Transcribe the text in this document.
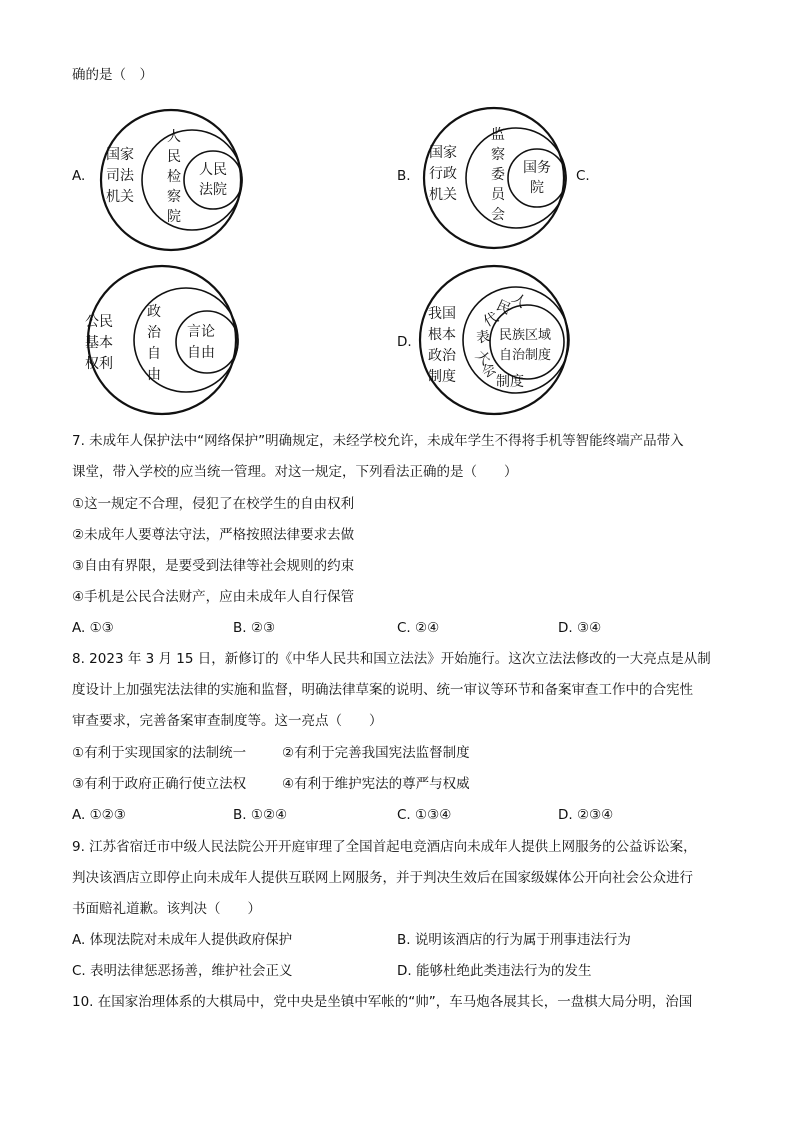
确的是（　）
A.
国家
司法
机关
人
民
检
察
院
人民
法院
B.
国家
行政
机关
监
察
委
员
会
国务
院
C.
公民
基本
权利
政
治
自
由
言论
自由
D.
我国
根本
政治
制度
人
民
代
表
大
会
制度
民族区域
自治制度
7. 未成年人保护法中“网络保护”明确规定，未经学校允许，未成年学生不得将手机等智能终端产品带入
课堂，带入学校的应当统一管理。对这一规定，下列看法正确的是（　　）
①这一规定不合理，侵犯了在校学生的自由权利
②未成年人要尊法守法，严格按照法律要求去做
③自由有界限，是要受到法律等社会规则的约束
④手机是公民合法财产，应由未成年人自行保管
A. ①③	B. ②③	C. ②④	D. ③④
8. 2023 年 3 月 15 日，新修订的《中华人民共和国立法法》开始施行。这次立法法修改的一大亮点是从制
度设计上加强宪法法律的实施和监督，明确法律草案的说明、统一审议等环节和备案审查工作中的合宪性
审查要求，完善备案审查制度等。这一亮点（　　）
①有利于实现国家的法制统一	②有利于完善我国宪法监督制度
③有利于政府正确行使立法权	④有利于维护宪法的尊严与权威
A. ①②③	B. ①②④	C. ①③④	D. ②③④
9. 江苏省宿迁市中级人民法院公开开庭审理了全国首起电竞酒店向未成年人提供上网服务的公益诉讼案，
判决该酒店立即停止向未成年人提供互联网上网服务，并于判决生效后在国家级媒体公开向社会公众进行
书面赔礼道歉。该判决（　　）
A. 体现法院对未成年人提供政府保护	B. 说明该酒店的行为属于刑事违法行为
C. 表明法律惩恶扬善，维护社会正义	D. 能够杜绝此类违法行为的发生
10. 在国家治理体系的大棋局中，党中央是坐镇中军帐的“帅”，车马炮各展其长，一盘棋大局分明，治国
